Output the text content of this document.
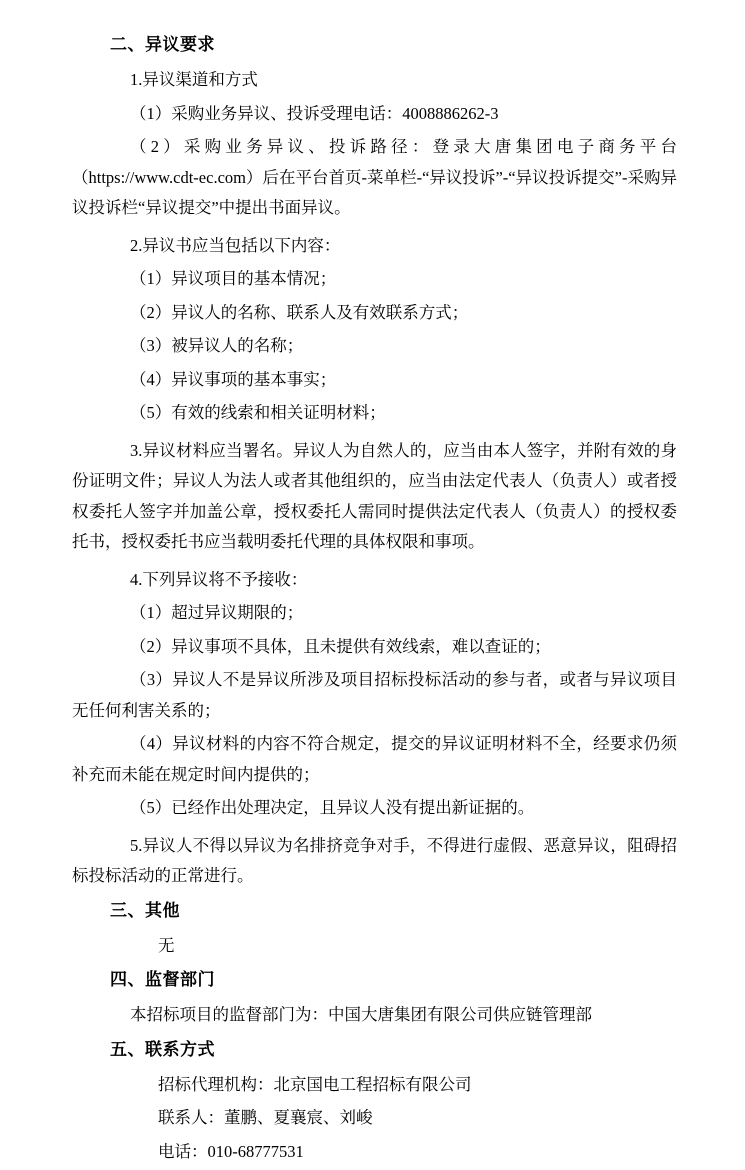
二、异议要求

1.异议渠道和方式

（1）采购业务异议、投诉受理电话：4008886262-3

（2）采购业务异议、投诉路径：登录大唐集团电子商务平台（https://www.cdt-ec.com）后在平台首页-菜单栏-“异议投诉”-“异议投诉提交”-采购异议投诉栏“异议提交”中提出书面异议。

2.异议书应当包括以下内容：

（1）异议项目的基本情况；

（2）异议人的名称、联系人及有效联系方式；

（3）被异议人的名称；

（4）异议事项的基本事实；

（5）有效的线索和相关证明材料；

3.异议材料应当署名。异议人为自然人的，应当由本人签字，并附有效的身份证明文件；异议人为法人或者其他组织的，应当由法定代表人（负责人）或者授权委托人签字并加盖公章，授权委托人需同时提供法定代表人（负责人）的授权委托书，授权委托书应当载明委托代理的具体权限和事项。

4.下列异议将不予接收：

（1）超过异议期限的；

（2）异议事项不具体，且未提供有效线索，难以查证的；

（3）异议人不是异议所涉及项目招标投标活动的参与者，或者与异议项目无任何利害关系的；

（4）异议材料的内容不符合规定，提交的异议证明材料不全，经要求仍须补充而未能在规定时间内提供的；

（5）已经作出处理决定，且异议人没有提出新证据的。

5.异议人不得以异议为名排挤竞争对手，不得进行虚假、恶意异议，阻碍招标投标活动的正常进行。

三、其他

无

四、监督部门

本招标项目的监督部门为：中国大唐集团有限公司供应链管理部

五、联系方式

招标代理机构：北京国电工程招标有限公司

联系人：董鹏、夏襄宸、刘峻

电话：010-68777531
